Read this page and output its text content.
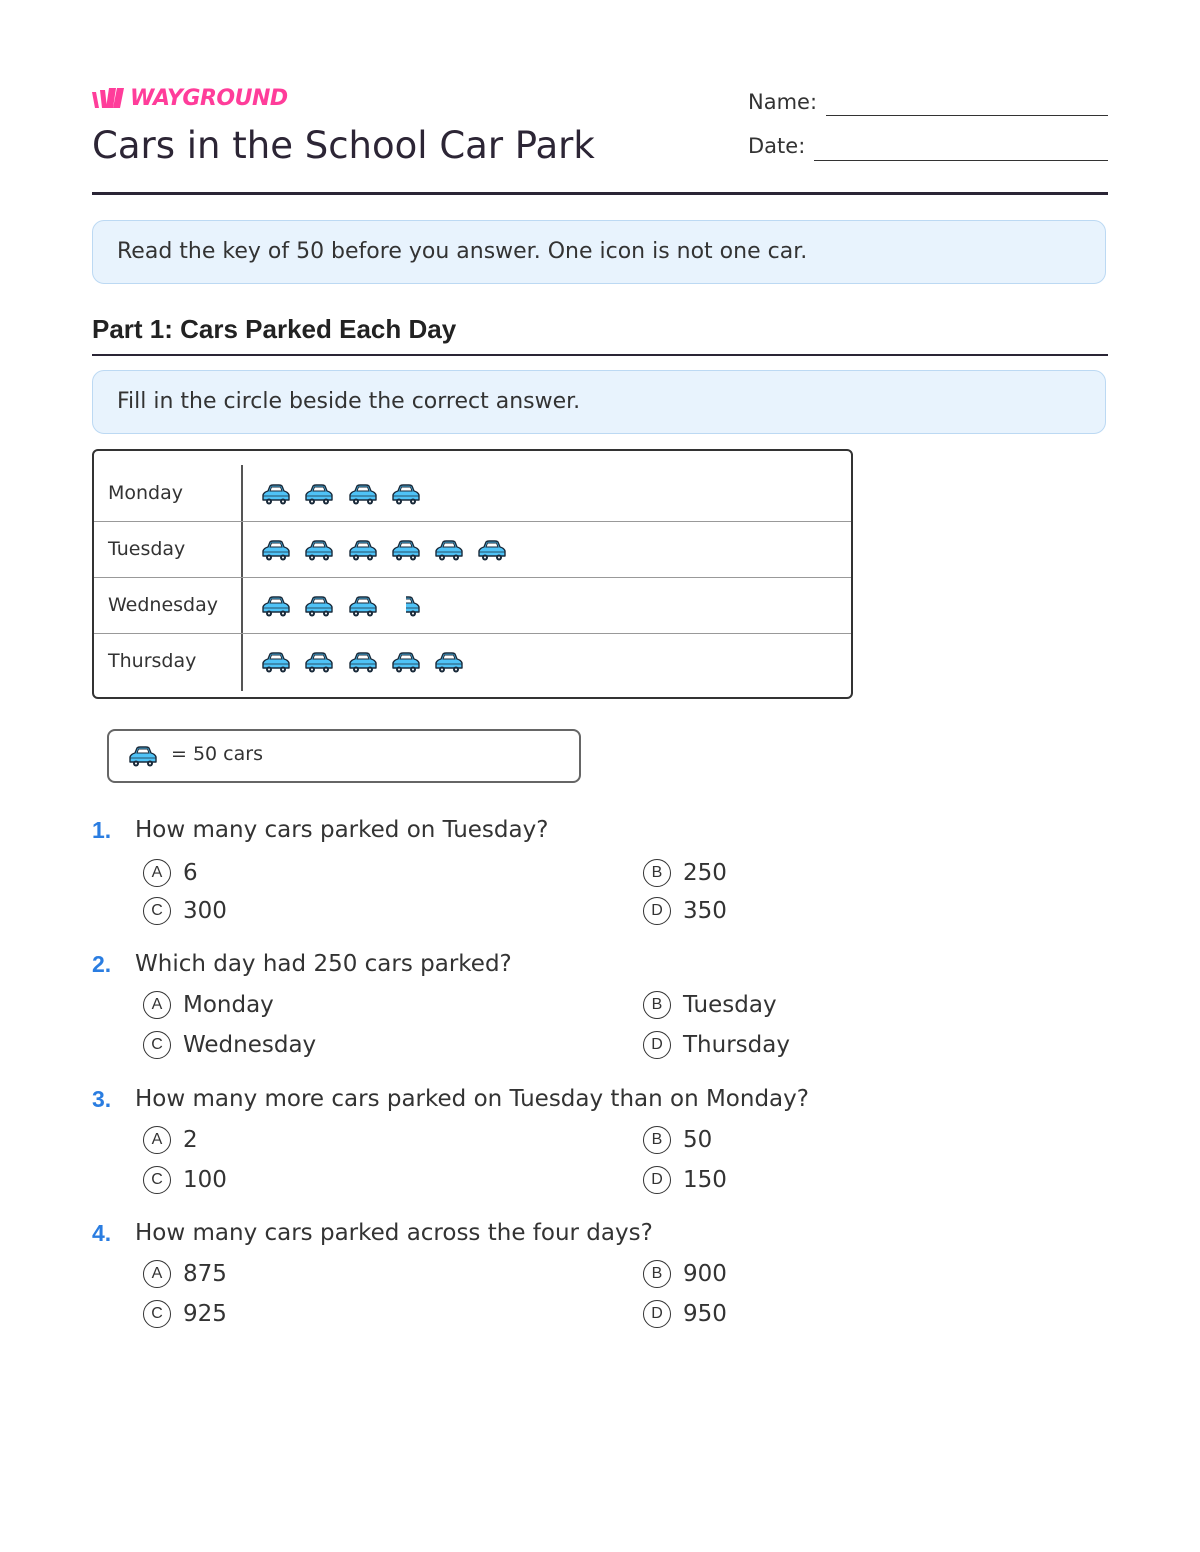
WAYGROUND
Cars in the School Car Park
Name:
Date:
Read the key of 50 before you answer. One icon is not one car.
Part 1: Cars Parked Each Day
Fill in the circle beside the correct answer.
Monday
Tuesday
Wednesday
Thursday
= 50 cars
1. How many cars parked on Tuesday?
A 6	B 250
C 300	D 350
2. Which day had 250 cars parked?
A Monday	B Tuesday
C Wednesday	D Thursday
3. How many more cars parked on Tuesday than on Monday?
A 2	B 50
C 100	D 150
4. How many cars parked across the four days?
A 875	B 900
C 925	D 950
